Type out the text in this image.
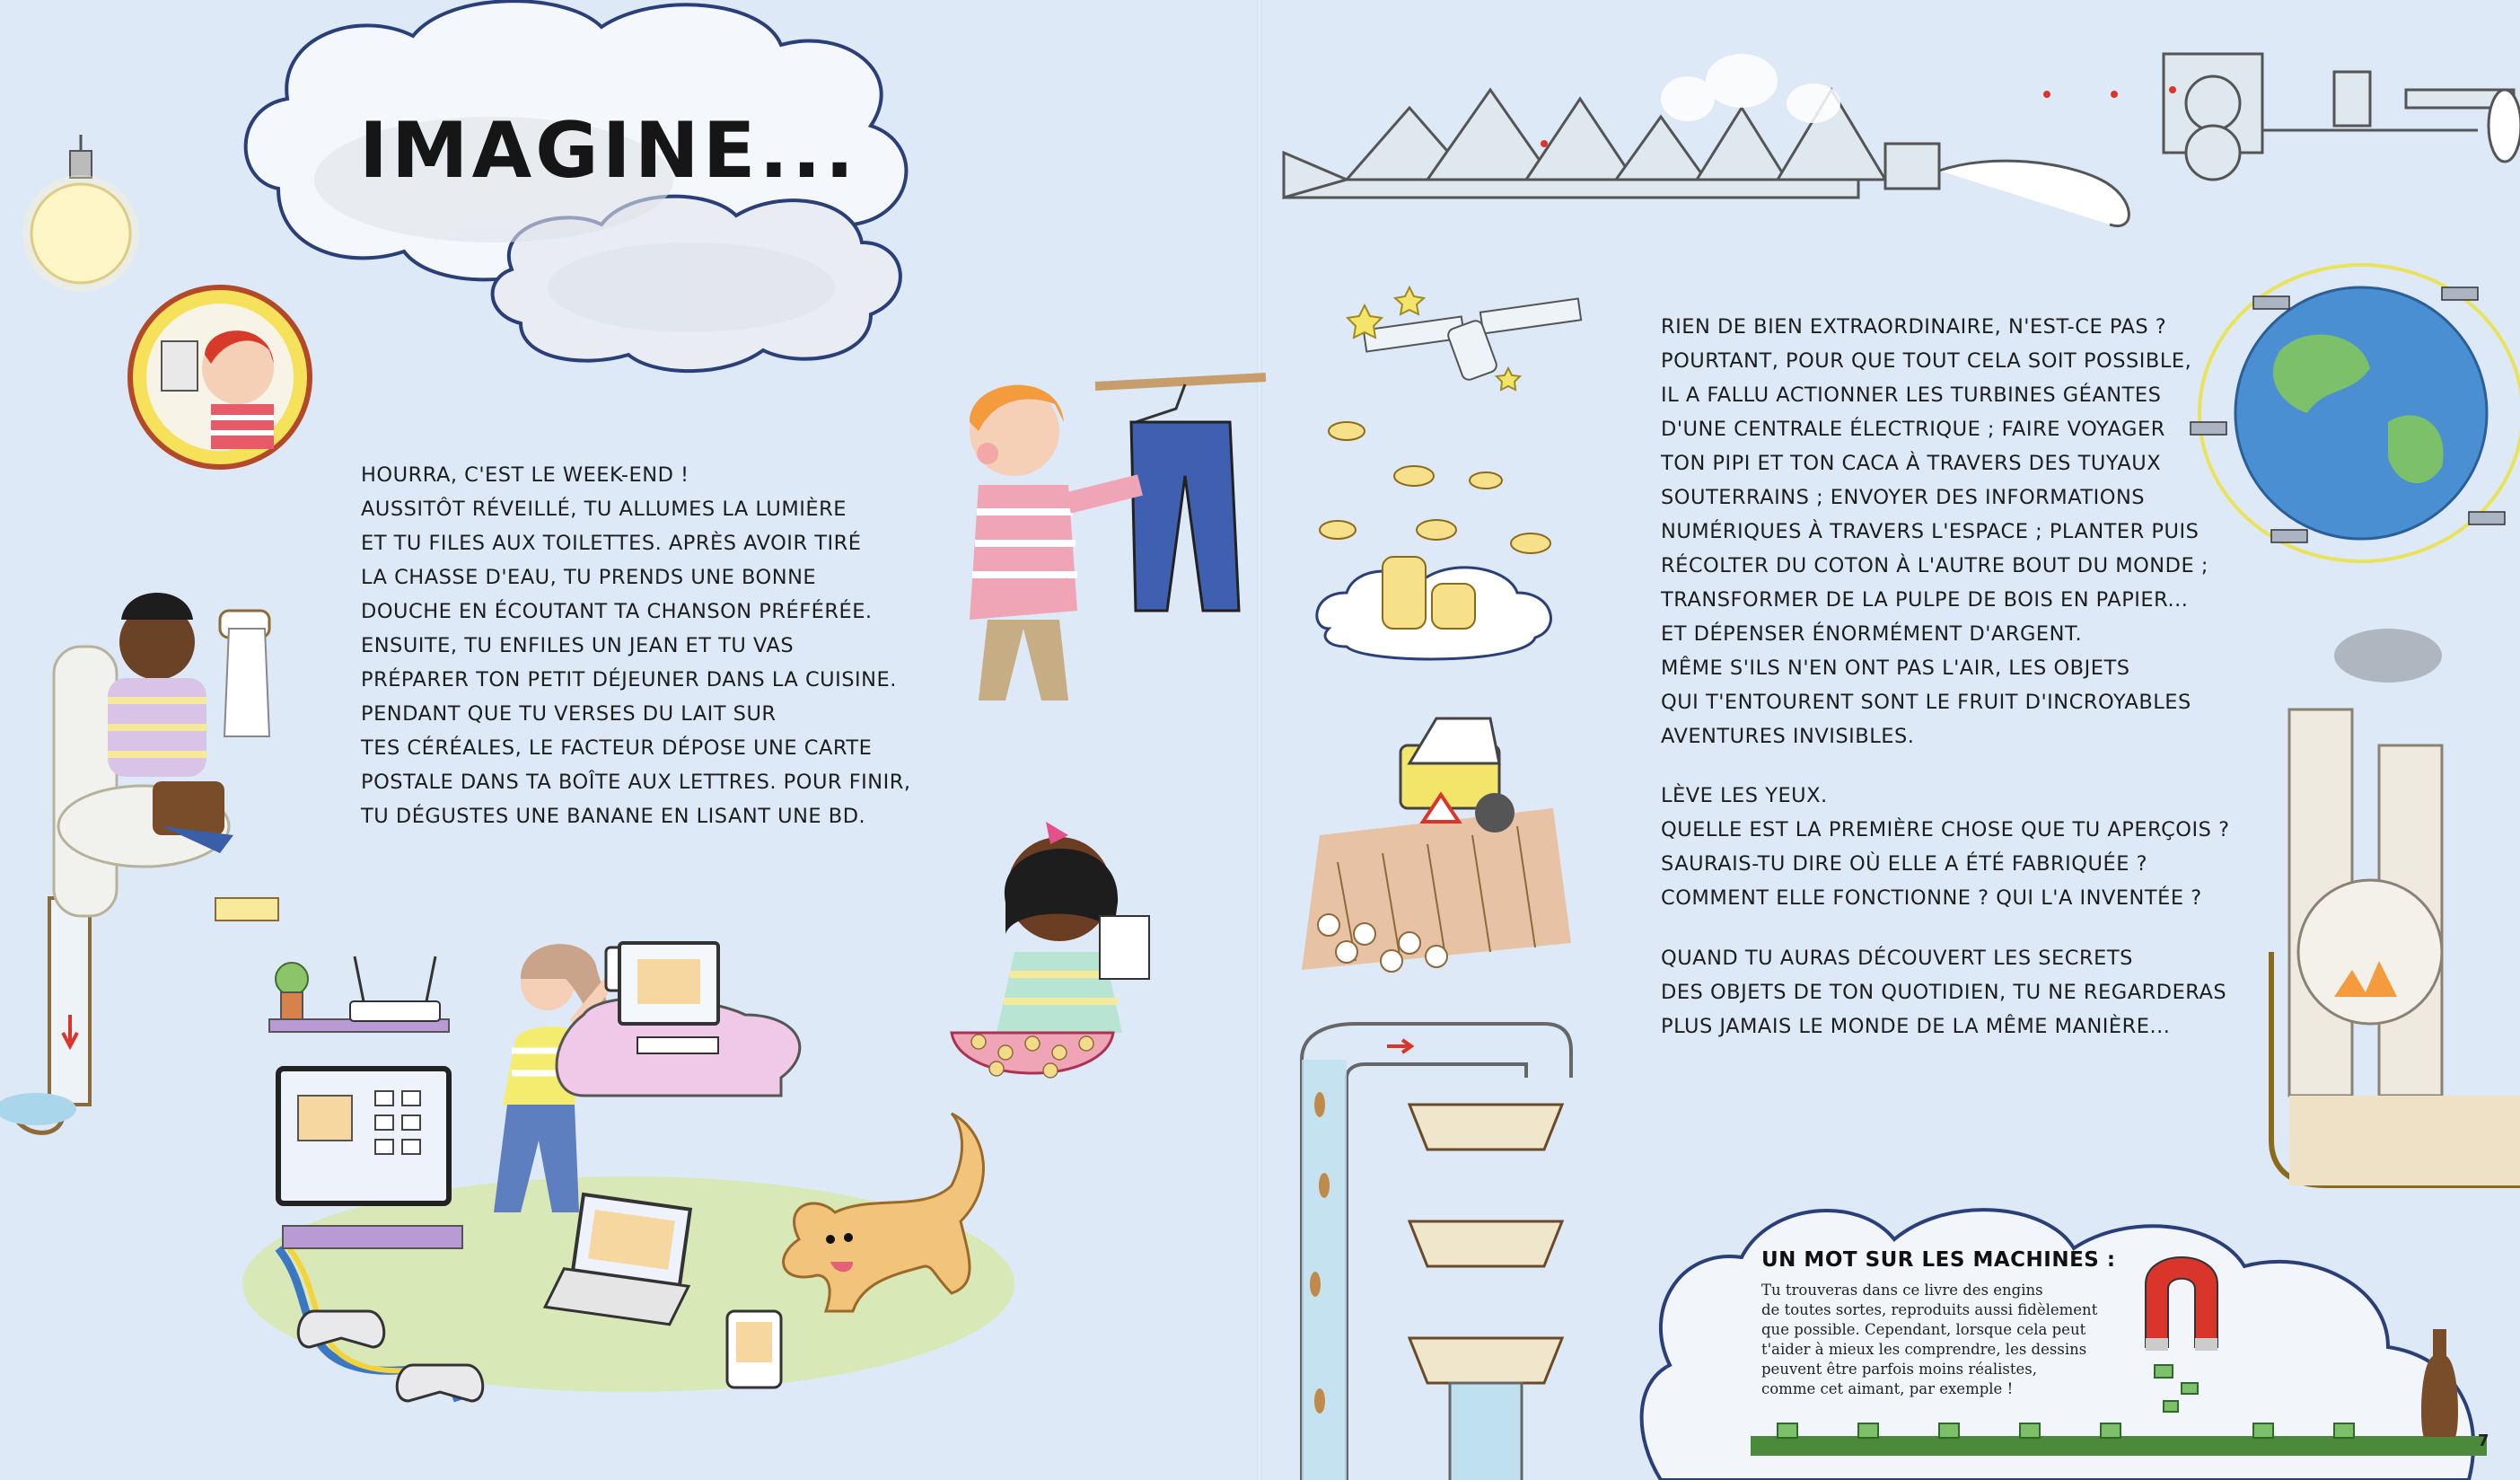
IMAGINE...
HOURRA, C'EST LE WEEK-END !
AUSSITÔT RÉVEILLÉ, TU ALLUMES LA LUMIÈRE
ET TU FILES AUX TOILETTES. APRÈS AVOIR TIRÉ
LA CHASSE D'EAU, TU PRENDS UNE BONNE
DOUCHE EN ÉCOUTANT TA CHANSON PRÉFÉRÉE.
ENSUITE, TU ENFILES UN JEAN ET TU VAS
PRÉPARER TON PETIT DÉJEUNER DANS LA CUISINE.
PENDANT QUE TU VERSES DU LAIT SUR
TES CÉRÉALES, LE FACTEUR DÉPOSE UNE CARTE
POSTALE DANS TA BOÎTE AUX LETTRES. POUR FINIR,
TU DÉGUSTES UNE BANANE EN LISANT UNE BD.
RIEN DE BIEN EXTRAORDINAIRE, N'EST-CE PAS ?
POURTANT, POUR QUE TOUT CELA SOIT POSSIBLE,
IL A FALLU ACTIONNER LES TURBINES GÉANTES
D'UNE CENTRALE ÉLECTRIQUE ; FAIRE VOYAGER
TON PIPI ET TON CACA À TRAVERS DES TUYAUX
SOUTERRAINS ; ENVOYER DES INFORMATIONS
NUMÉRIQUES À TRAVERS L'ESPACE ; PLANTER PUIS
RÉCOLTER DU COTON À L'AUTRE BOUT DU MONDE ;
TRANSFORMER DE LA PULPE DE BOIS EN PAPIER...
ET DÉPENSER ÉNORMÉMENT D'ARGENT.
MÊME S'ILS N'EN ONT PAS L'AIR, LES OBJETS
QUI T'ENTOURENT SONT LE FRUIT D'INCROYABLES
AVENTURES INVISIBLES.
LÈVE LES YEUX.
QUELLE EST LA PREMIÈRE CHOSE QUE TU APERÇOIS ?
SAURAIS-TU DIRE OÙ ELLE A ÉTÉ FABRIQUÉE ?
COMMENT ELLE FONCTIONNE ? QUI L'A INVENTÉE ?
QUAND TU AURAS DÉCOUVERT LES SECRETS
DES OBJETS DE TON QUOTIDIEN, TU NE REGARDERAS
PLUS JAMAIS LE MONDE DE LA MÊME MANIÈRE...
UN MOT SUR LES MACHINES :
Tu trouveras dans ce livre des engins
de toutes sortes, reproduits aussi fidèlement
que possible. Cependant, lorsque cela peut
t'aider à mieux les comprendre, les dessins
peuvent être parfois moins réalistes,
comme cet aimant, par exemple !

7
